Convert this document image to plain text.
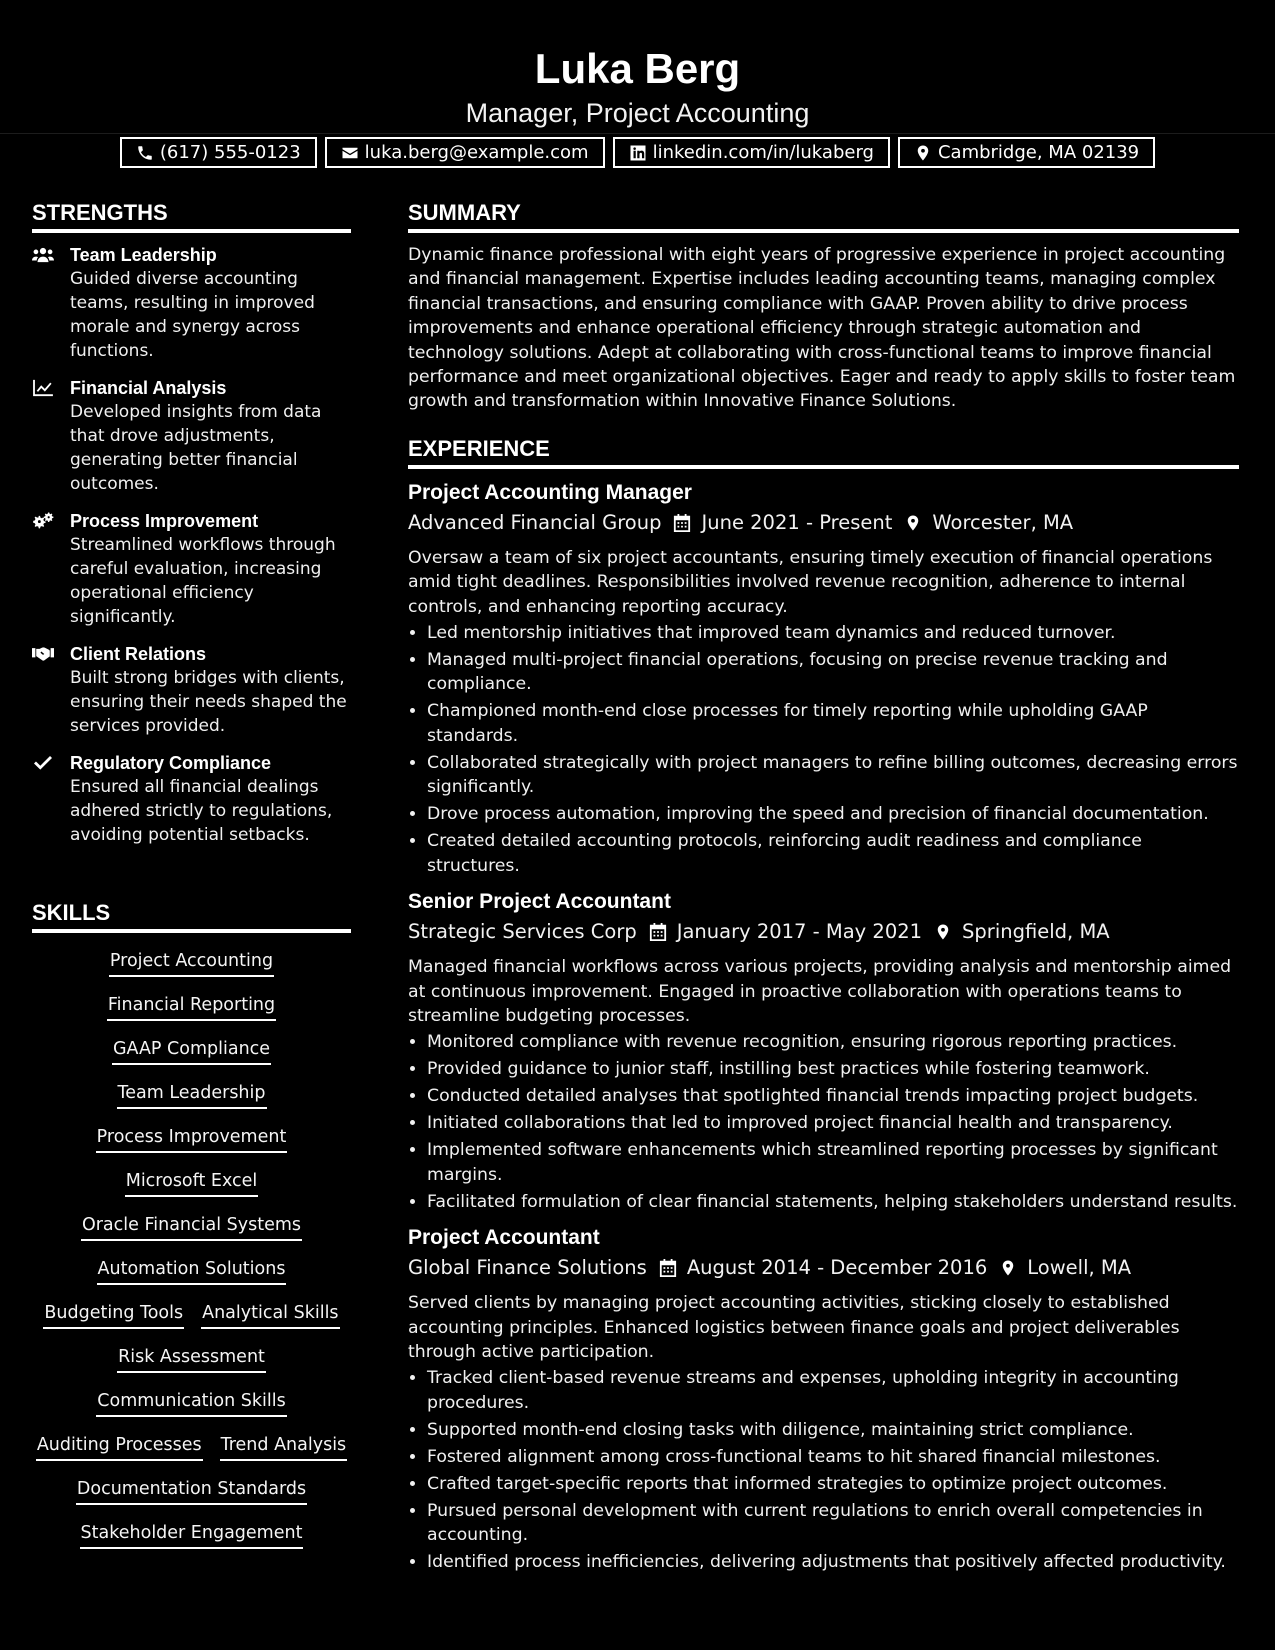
Luka Berg
Manager, Project Accounting
(617) 555-0123	luka.berg@example.com	linkedin.com/in/lukaberg	Cambridge, MA 02139
STRENGTHS
Team Leadership
Guided diverse accounting teams, resulting in improved morale and synergy across functions.
Financial Analysis
Developed insights from data that drove adjustments, generating better financial outcomes.
Process Improvement
Streamlined workflows through careful evaluation, increasing operational efficiency significantly.
Client Relations
Built strong bridges with clients, ensuring their needs shaped the services provided.
Regulatory Compliance
Ensured all financial dealings adhered strictly to regulations, avoiding potential setbacks.
SKILLS
Project Accounting
Financial Reporting
GAAP Compliance
Team Leadership
Process Improvement
Microsoft Excel
Oracle Financial Systems
Automation Solutions
Budgeting Tools Analytical Skills
Risk Assessment
Communication Skills
Auditing Processes Trend Analysis
Documentation Standards
Stakeholder Engagement
SUMMARY

Dynamic finance professional with eight years of progressive experience in project accounting and financial management. Expertise includes leading accounting teams, managing complex financial transactions, and ensuring compliance with GAAP. Proven ability to drive process improvements and enhance operational efficiency through strategic automation and technology solutions. Adept at collaborating with cross-functional teams to improve financial performance and meet organizational objectives. Eager and ready to apply skills to foster team growth and transformation within Innovative Finance Solutions.

EXPERIENCE
Project Accounting Manager
Advanced Financial Group June 2021 - Present Worcester, MA

Oversaw a team of six project accountants, ensuring timely execution of financial operations amid tight deadlines. Responsibilities involved revenue recognition, adherence to internal controls, and enhancing reporting accuracy.

• Led mentorship initiatives that improved team dynamics and reduced turnover.
• Managed multi-project financial operations, focusing on precise revenue tracking and compliance.
• Championed month-end close processes for timely reporting while upholding GAAP standards.
• Collaborated strategically with project managers to refine billing outcomes, decreasing errors significantly.
• Drove process automation, improving the speed and precision of financial documentation.
• Created detailed accounting protocols, reinforcing audit readiness and compliance structures.
Senior Project Accountant
Strategic Services Corp January 2017 - May 2021 Springfield, MA

Managed financial workflows across various projects, providing analysis and mentorship aimed at continuous improvement. Engaged in proactive collaboration with operations teams to streamline budgeting processes.

• Monitored compliance with revenue recognition, ensuring rigorous reporting practices.
• Provided guidance to junior staff, instilling best practices while fostering teamwork.
• Conducted detailed analyses that spotlighted financial trends impacting project budgets.
• Initiated collaborations that led to improved project financial health and transparency.
• Implemented software enhancements which streamlined reporting processes by significant margins.
• Facilitated formulation of clear financial statements, helping stakeholders understand results.
Project Accountant
Global Finance Solutions August 2014 - December 2016 Lowell, MA

Served clients by managing project accounting activities, sticking closely to established accounting principles. Enhanced logistics between finance goals and project deliverables through active participation.

• Tracked client-based revenue streams and expenses, upholding integrity in accounting procedures.
• Supported month-end closing tasks with diligence, maintaining strict compliance.
• Fostered alignment among cross-functional teams to hit shared financial milestones.
• Crafted target-specific reports that informed strategies to optimize project outcomes.
• Pursued personal development with current regulations to enrich overall competencies in accounting.
• Identified process inefficiencies, delivering adjustments that positively affected productivity.
